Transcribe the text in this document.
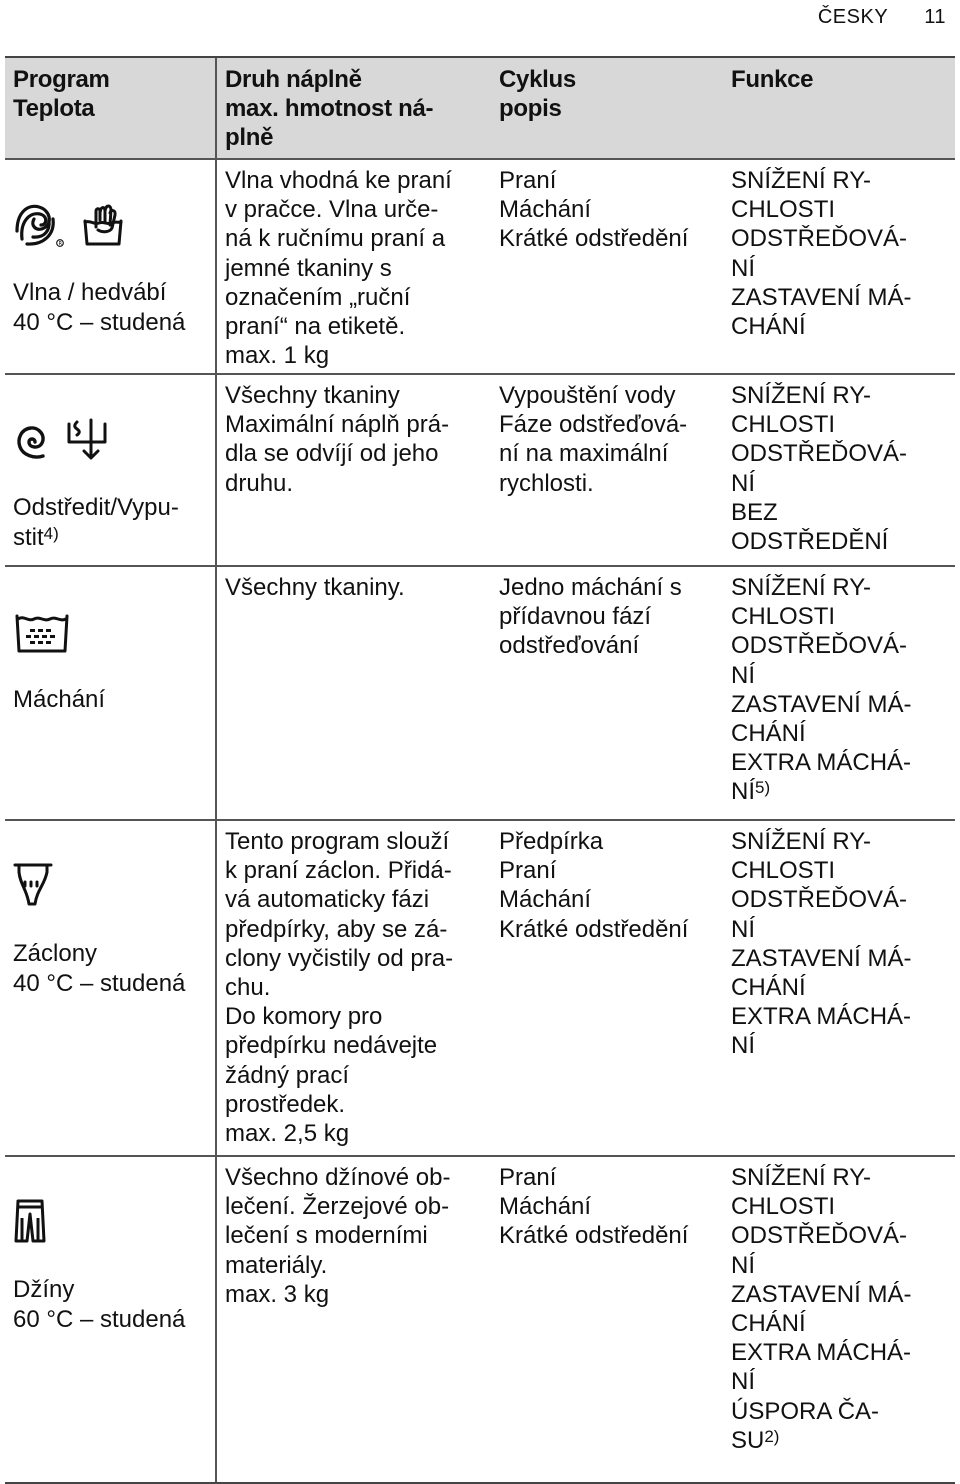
ČESKY 11
Program
Teplota
Druh náplně
max. hmotnost ná-
plně
Cyklus
popis
Funkce

R

Vlna / hedvábí
40 °C – studená

Vlna vhodná ke praní
v pračce. Vlna urče-
ná k ručnímu praní a
jemné tkaniny s
označením „ruční
praní“ na etiketě.
max. 1 kg
Praní
Máchání
Krátké odstředění
SNÍŽENÍ RY-
CHLOSTI
ODSTŘEĎOVÁ-
NÍ
ZASTAVENÍ MÁ-
CHÁNÍ

Odstředit/Vypu-
stit$^{4)}$

Všechny tkaniny
Maximální náplň prá-
dla se odvíjí od jeho
druhu.
Vypouštění vody
Fáze odstřeďová-
ní na maximální
rychlosti.
SNÍŽENÍ RY-
CHLOSTI
ODSTŘEĎOVÁ-
NÍ
BEZ
ODSTŘEDĚNÍ

Máchání

Všechny tkaniny.	Jedno máchání s
přídavnou fází
odstřeďování
SNÍŽENÍ RY-
CHLOSTI
ODSTŘEĎOVÁ-
NÍ
ZASTAVENÍ MÁ-
CHÁNÍ
EXTRA MÁCHÁ-
NÍ$^{5)}$

Záclony
40 °C – studená

Tento program slouží
k praní záclon. Přidá-
vá automaticky fázi
předpírky, aby se zá-
clony vyčistily od pra-
chu.
Do komory pro
předpírku nedávejte
žádný prací
prostředek.
max. 2,5 kg
Předpírka
Praní
Máchání
Krátké odstředění
SNÍŽENÍ RY-
CHLOSTI
ODSTŘEĎOVÁ-
NÍ
ZASTAVENÍ MÁ-
CHÁNÍ
EXTRA MÁCHÁ-
NÍ

Džíny
60 °C – studená

Všechno džínové ob-
lečení. Žerzejové ob-
lečení s moderními
materiály.
max. 3 kg
Praní
Máchání
Krátké odstředění
SNÍŽENÍ RY-
CHLOSTI
ODSTŘEĎOVÁ-
NÍ
ZASTAVENÍ MÁ-
CHÁNÍ
EXTRA MÁCHÁ-
NÍ
ÚSPORA ČA-
SU$^{2)}$
